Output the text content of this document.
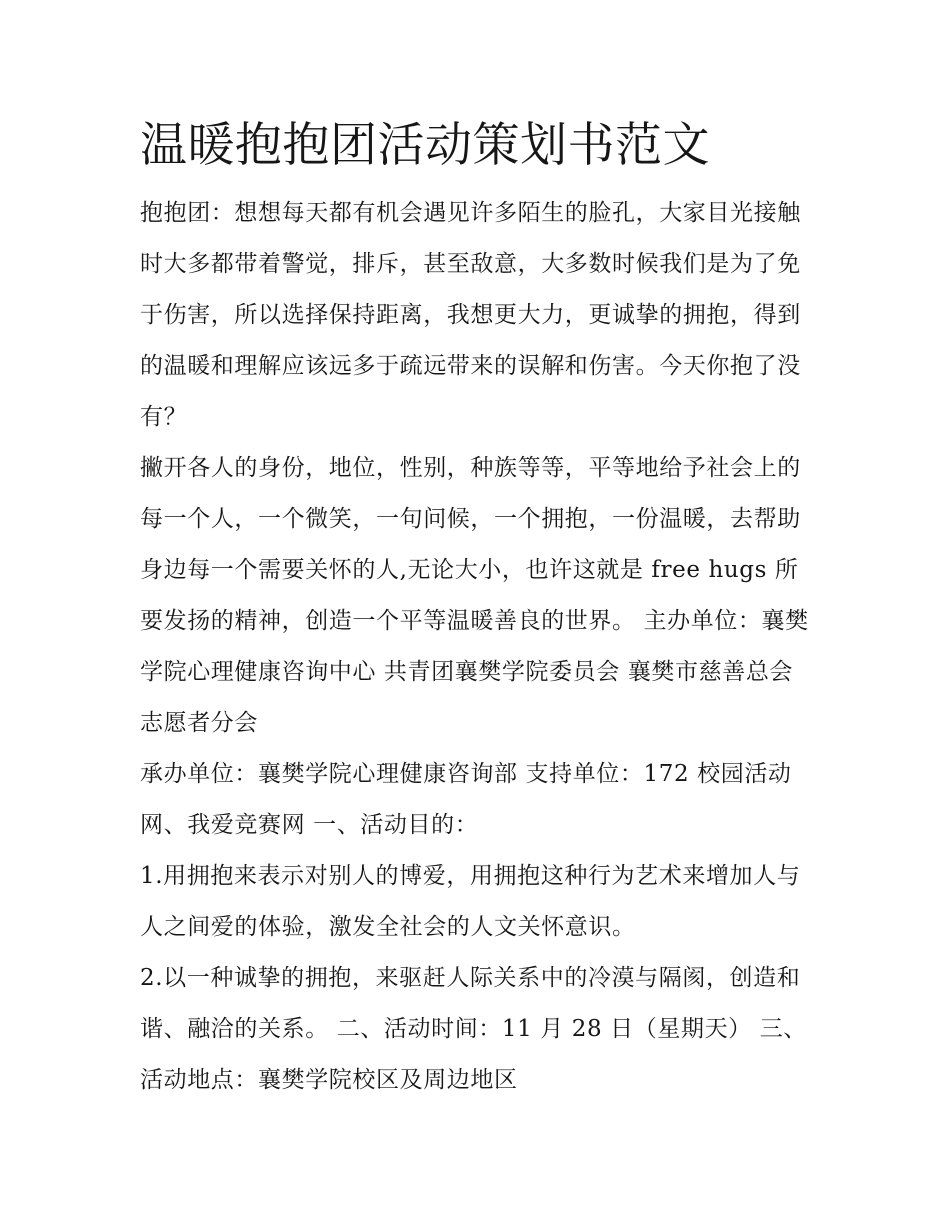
温暖抱抱团活动策划书范文

抱抱团：想想每天都有机会遇见许多陌生的脸孔，大家目光接触时大多都带着警觉，排斥，甚至敌意，大多数时候我们是为了免于伤害，所以选择保持距离，我想更大力，更诚挚的拥抱，得到的温暖和理解应该远多于疏远带来的误解和伤害。今天你抱了没有？

撇开各人的身份，地位，性别，种族等等，平等地给予社会上的每一个人，一个微笑，一句问候，一个拥抱，一份温暖，去帮助身边每一个需要关怀的人,无论大小，也许这就是 free hugs 所要发扬的精神，创造一个平等温暖善良的世界。 主办单位：襄樊学院心理健康咨询中心 共青团襄樊学院委员会 襄樊市慈善总会志愿者分会

承办单位：襄樊学院心理健康咨询部 支持单位：172 校园活动网、我爱竞赛网 一、活动目的：

1.用拥抱来表示对别人的博爱，用拥抱这种行为艺术来增加人与人之间爱的体验，激发全社会的人文关怀意识。

2.以一种诚挚的拥抱，来驱赶人际关系中的冷漠与隔阂，创造和谐、融洽的关系。 二、活动时间：11 月 28 日（星期天） 三、活动地点：襄樊学院校区及周边地区
